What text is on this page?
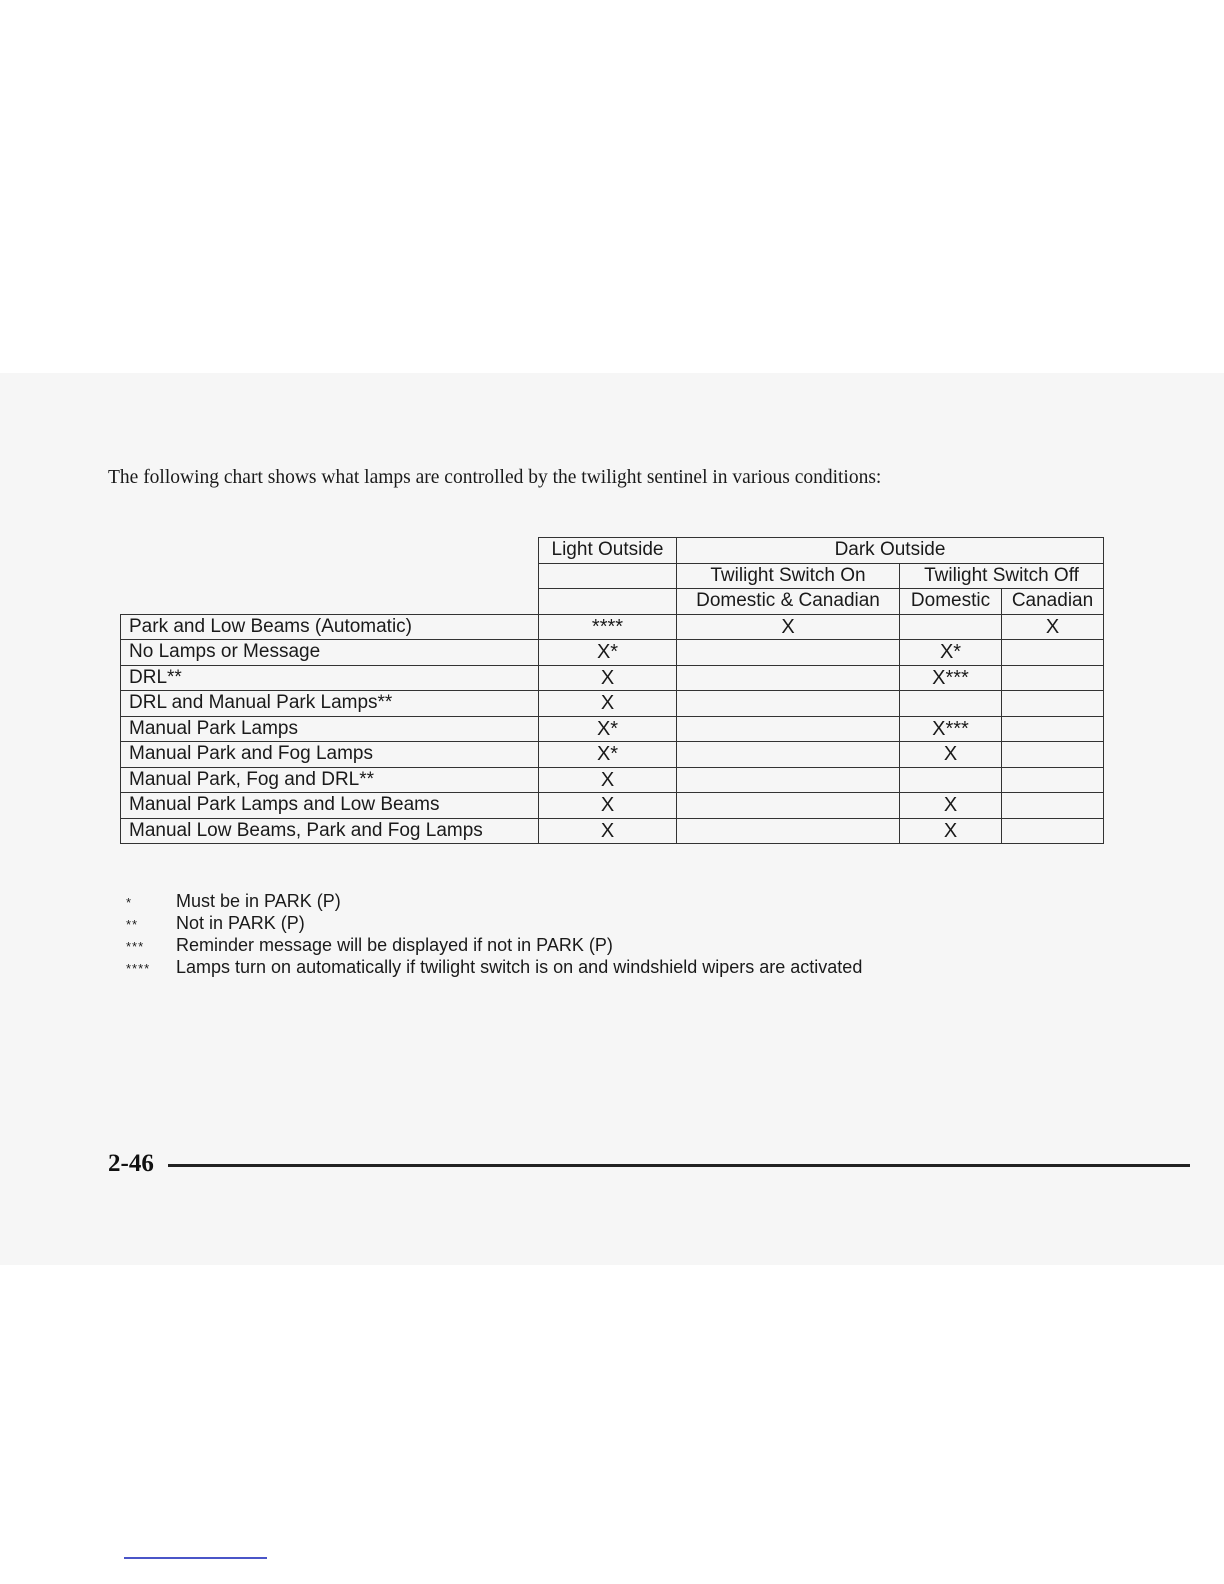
The following chart shows what lamps are controlled by the twilight sentinel in various conditions:
	Light Outside	Dark Outside		
		Twilight Switch On	Twilight Switch Off	
		Domestic & Canadian	Domestic	Canadian
Park and Low Beams (Automatic)	****	X		X
No Lamps or Message	X*		X*	
DRL**	X		X***	
DRL and Manual Park Lamps**	X			
Manual Park Lamps	X*		X***	
Manual Park and Fog Lamps	X*		X	
Manual Park, Fog and DRL**	X			
Manual Park Lamps and Low Beams	X		X	
Manual Low Beams, Park and Fog Lamps	X		X	
*	Must be in PARK (P)
**	Not in PARK (P)
***	Reminder message will be displayed if not in PARK (P)
****	Lamps turn on automatically if twilight switch is on and windshield wipers are activated
2-46
